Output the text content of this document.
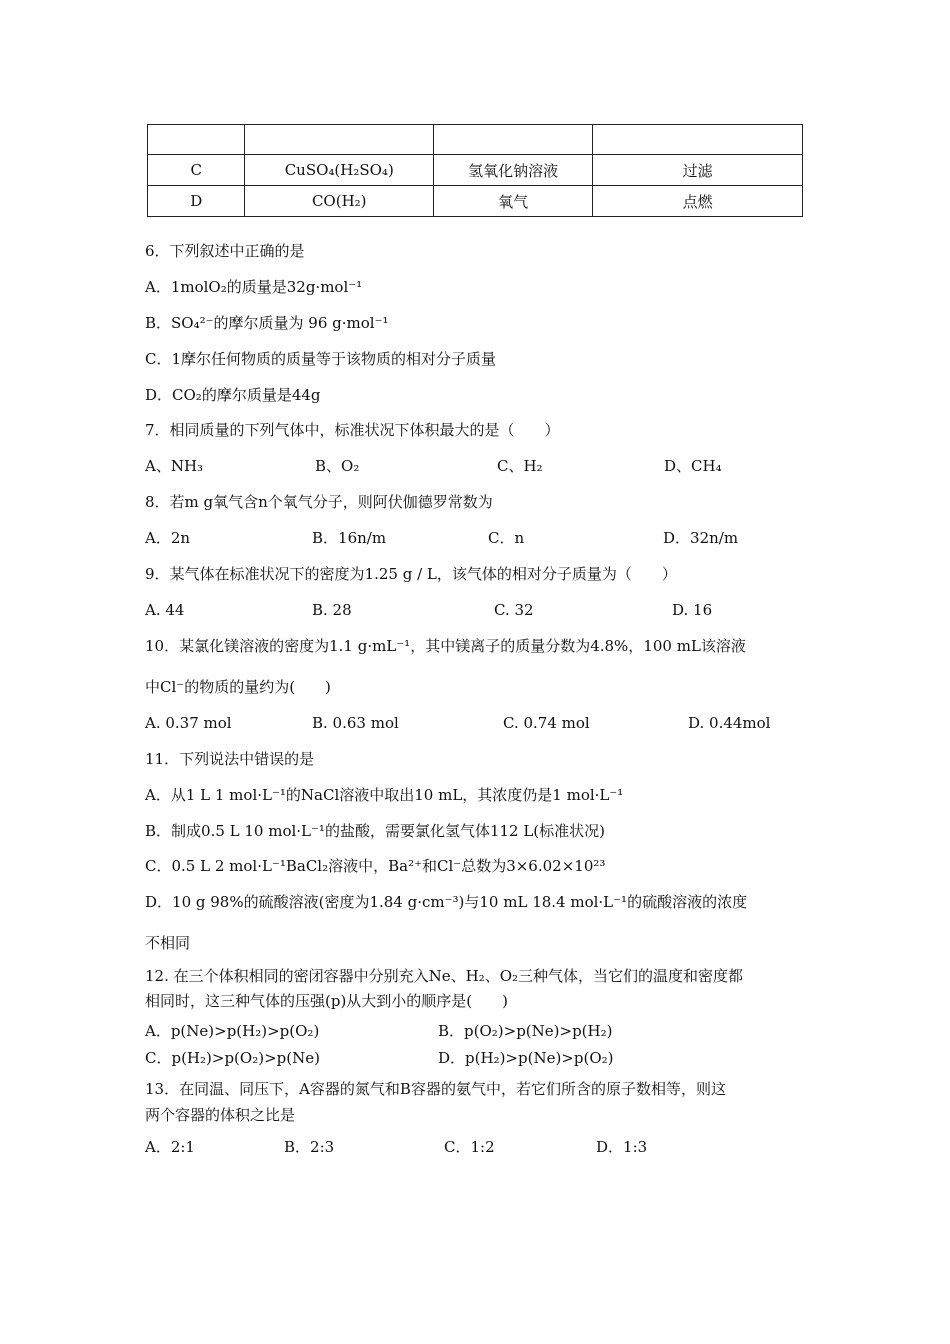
C	CuSO₄(H₂SO₄)	氢氧化钠溶液	过滤
D	CO(H₂)	氧气	点燃
6．下列叙述中正确的是
A．1molO₂的质量是32g·mol⁻¹
B．SO₄²⁻的摩尔质量为 96 g·mol⁻¹
C．1摩尔任何物质的质量等于该物质的相对分子质量
D．CO₂的摩尔质量是44g
7．相同质量的下列气体中，标准状况下体积最大的是（　　）
A、NH₃	B、O₂	C、H₂	D、CH₄
8．若m g氧气含n个氧气分子，则阿伏伽德罗常数为
A．2n	B．16n/m	C．n	D．32n/m
9．某气体在标准状况下的密度为1.25 g / L，该气体的相对分子质量为（　　）
A. 44	B. 28	C. 32	D. 16
10．某氯化镁溶液的密度为1.1 g·mL⁻¹，其中镁离子的质量分数为4.8%，100 mL该溶液
中Cl⁻的物质的量约为(　　)
A. 0.37 mol	B. 0.63 mol	C. 0.74 mol	D. 0.44mol
11．下列说法中错误的是
A．从1 L 1 mol·L⁻¹的NaCl溶液中取出10 mL，其浓度仍是1 mol·L⁻¹
B．制成0.5 L 10 mol·L⁻¹的盐酸，需要氯化氢气体112 L(标准状况)
C．0.5 L 2 mol·L⁻¹BaCl₂溶液中，Ba²⁺和Cl⁻总数为3×6.02×10²³
D．10 g 98%的硫酸溶液(密度为1.84 g·cm⁻³)与10 mL 18.4 mol·L⁻¹的硫酸溶液的浓度
不相同
12. 在三个体积相同的密闭容器中分别充入Ne、H₂、O₂三种气体，当它们的温度和密度都
相同时，这三种气体的压强(p)从大到小的顺序是(　　)
A．p(Ne)>p(H₂)>p(O₂)	B．p(O₂)>p(Ne)>p(H₂)
C．p(H₂)>p(O₂)>p(Ne)	D．p(H₂)>p(Ne)>p(O₂)
13．在同温、同压下，A容器的氮气和B容器的氨气中，若它们所含的原子数相等，则这
两个容器的体积之比是
A．2:1	B．2:3	C．1:2	D．1:3
